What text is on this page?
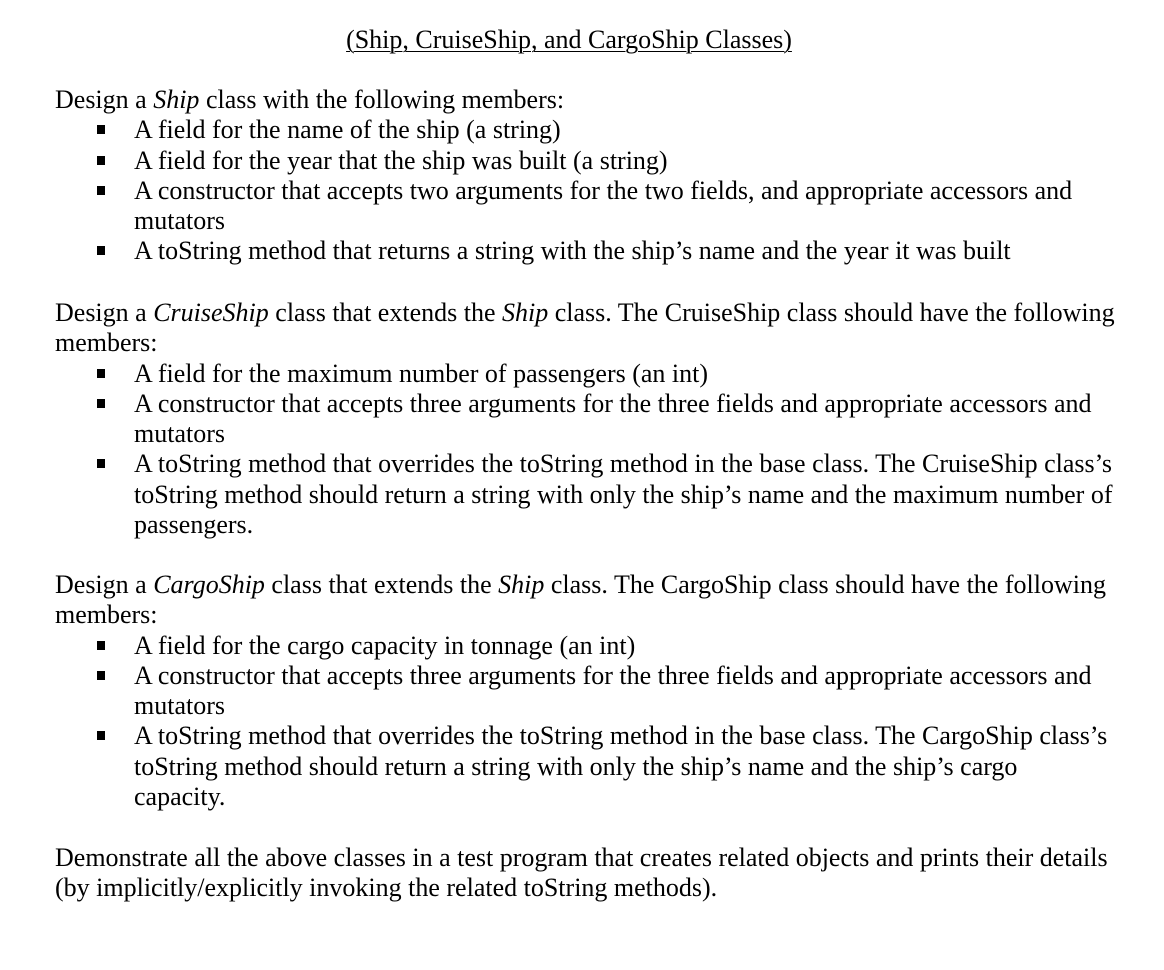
(Ship, CruiseShip, and CargoShip Classes)

Design a Ship class with the following members:

A field for the name of the ship (a string)
A field for the year that the ship was built (a string)
A constructor that accepts two arguments for the two fields, and appropriate accessors and mutators
A toString method that returns a string with the ship’s name and the year it was built

Design a CruiseShip class that extends the Ship class. The CruiseShip class should have the following members:

A field for the maximum number of passengers (an int)
A constructor that accepts three arguments for the three fields and appropriate accessors and mutators
A toString method that overrides the toString method in the base class. The CruiseShip class’s toString method should return a string with only the ship’s name and the maximum number of passengers.

Design a CargoShip class that extends the Ship class. The CargoShip class should have the following members:

A field for the cargo capacity in tonnage (an int)
A constructor that accepts three arguments for the three fields and appropriate accessors and mutators
A toString method that overrides the toString method in the base class. The CargoShip class’s toString method should return a string with only the ship’s name and the ship’s cargo capacity.

Demonstrate all the above classes in a test program that creates related objects and prints their details (by implicitly/explicitly invoking the related toString methods).
